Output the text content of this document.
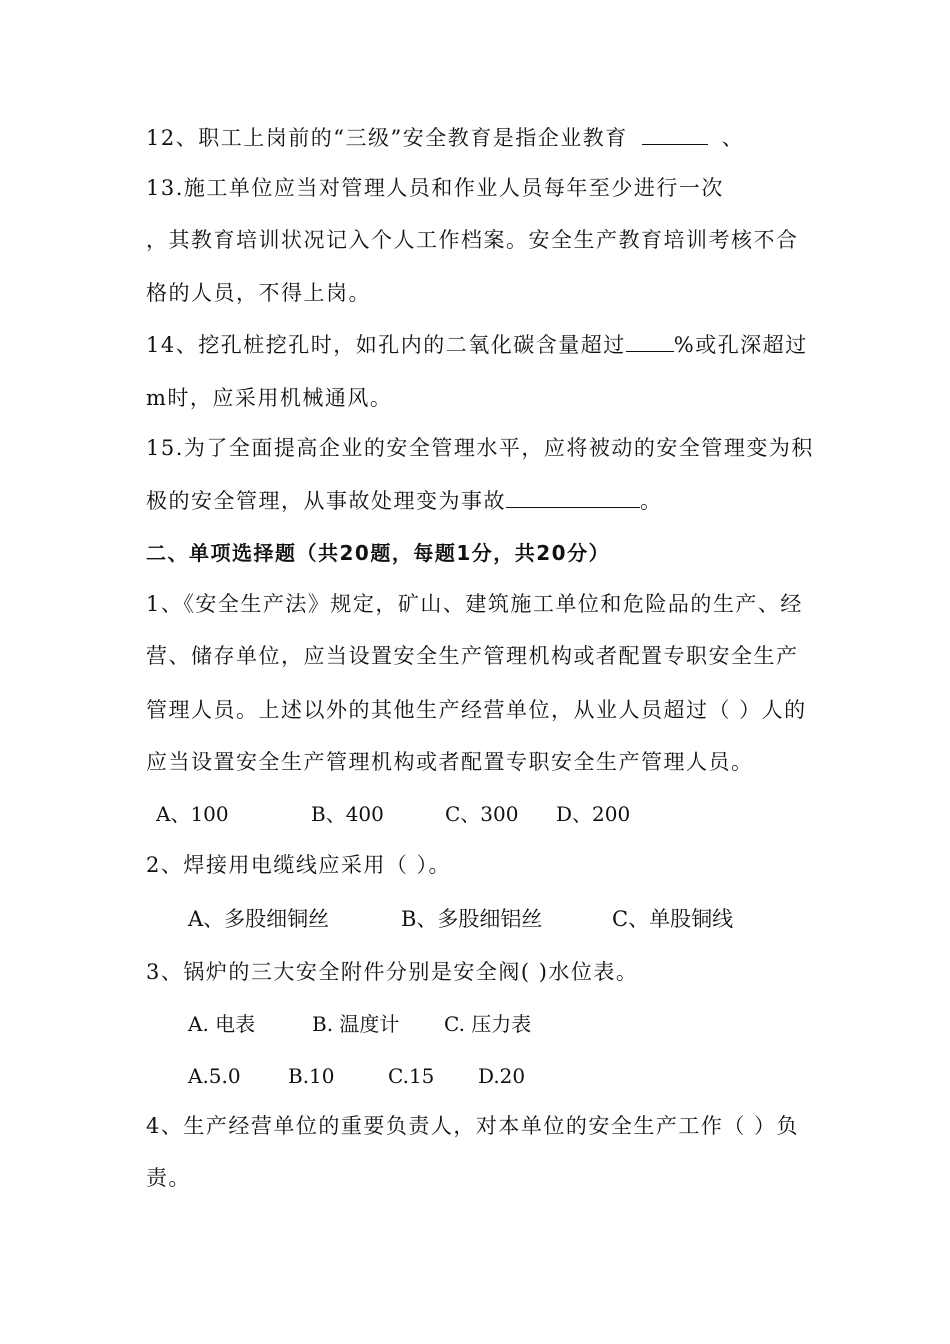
12、职工上岗前的“三级”安全教育是指企业教育	、
13.施工单位应当对管理人员和作业人员每年至少进行一次
，其教育培训状况记入个人工作档案。安全生产教育培训考核不合
格的人员，不得上岗。
14、挖孔桩挖孔时，如孔内的二氧化碳含量超过 %或孔深超过
m时，应采用机械通风。
15.为了全面提高企业的安全管理水平，应将被动的安全管理变为积
极的安全管理，从事故处理变为事故	。
二、单项选择题（共20题，每题1分，共20分）
1、《安全生产法》规定，矿山、建筑施工单位和危险品的生产、经
营、储存单位，应当设置安全生产管理机构或者配置专职安全生产
管理人员。上述以外的其他生产经营单位，从业人员超过（ ）人的
应当设置安全生产管理机构或者配置专职安全生产管理人员。
A、100	B、400	C、300 D、200
2、焊接用电缆线应采用（ ）。
A、多股细铜丝	B、多股细铝丝	C、单股铜线
3、锅炉的三大安全附件分别是安全阀( )水位表。
A. 电表	B. 温度计 C. 压力表
A.5.0 B.10	C.15 D.20
4、生产经营单位的重要负责人，对本单位的安全生产工作（ ）负
责。
